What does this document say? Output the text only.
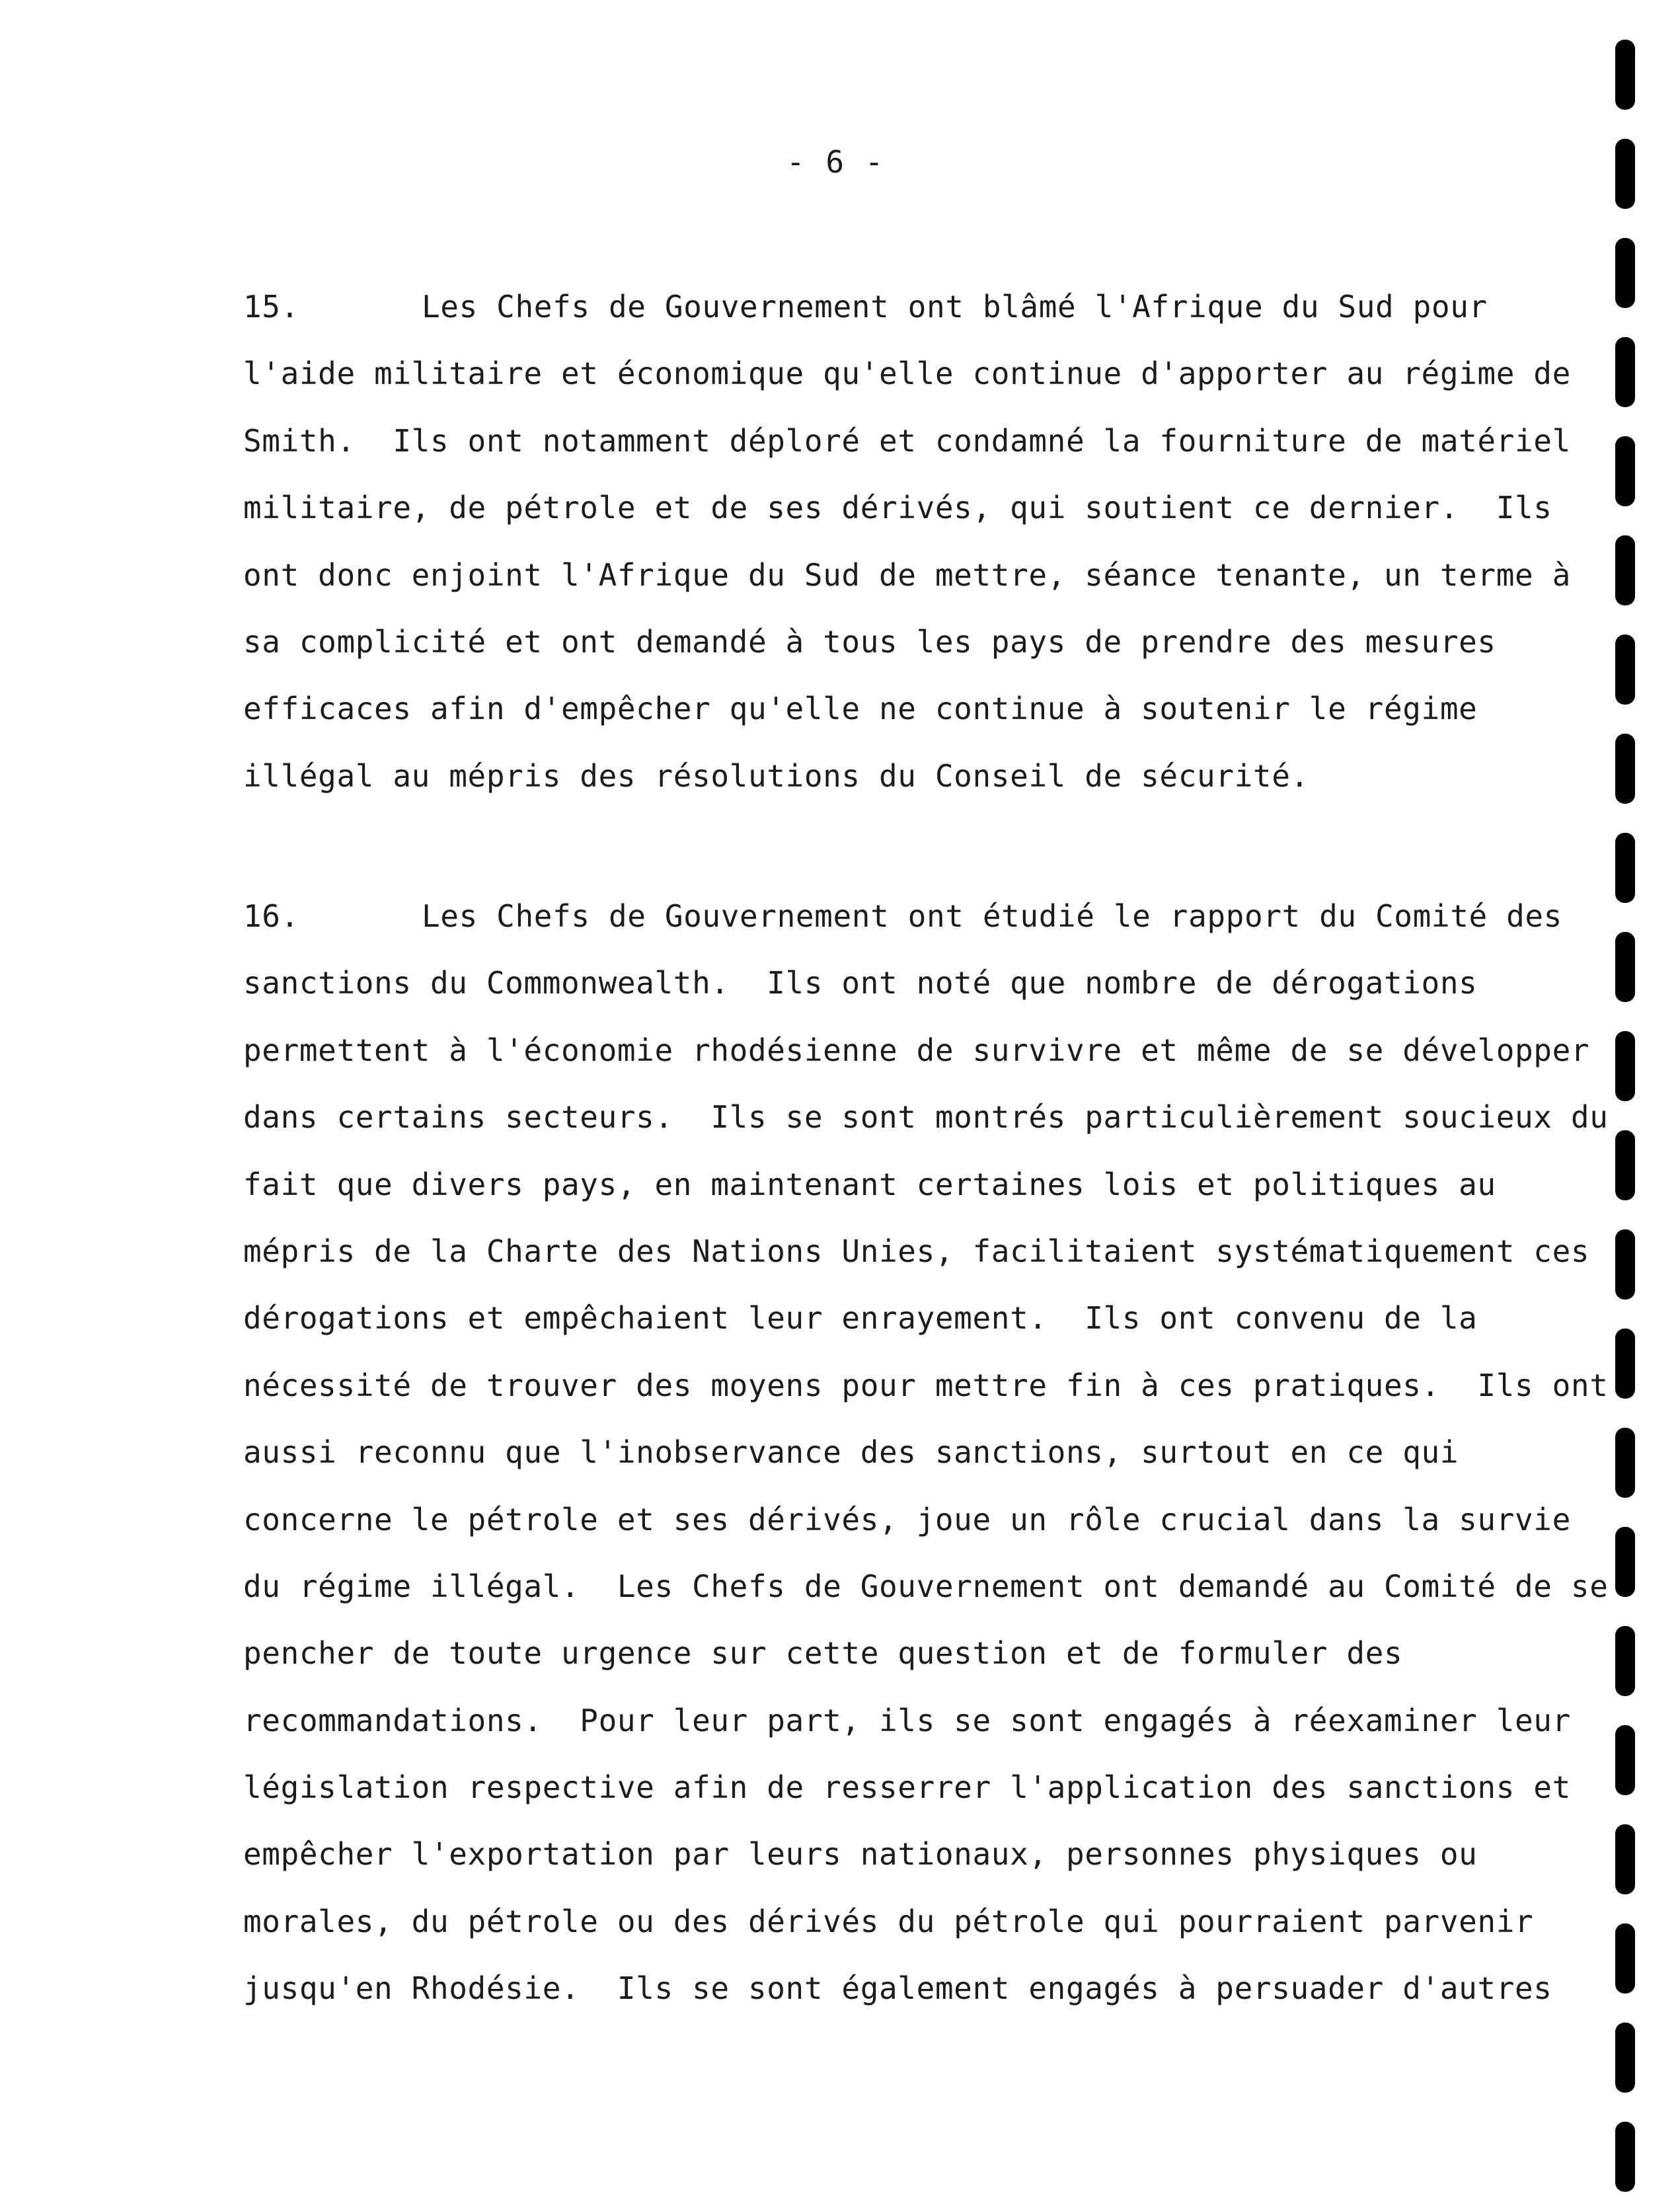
- 6 -
15.	Les Chefs de Gouvernement ont blâmé l'Afrique du Sud pour
l'aide militaire et économique qu'elle continue d'apporter au régime de
Smith.  Ils ont notamment déploré et condamné la fourniture de matériel
militaire, de pétrole et de ses dérivés, qui soutient ce dernier.  Ils
ont donc enjoint l'Afrique du Sud de mettre, séance tenante, un terme à
sa complicité et ont demandé à tous les pays de prendre des mesures
efficaces afin d'empêcher qu'elle ne continue à soutenir le régime
illégal au mépris des résolutions du Conseil de sécurité.
16.	Les Chefs de Gouvernement ont étudié le rapport du Comité des
sanctions du Commonwealth.  Ils ont noté que nombre de dérogations
permettent à l'économie rhodésienne de survivre et même de se développer
dans certains secteurs.  Ils se sont montrés particulièrement soucieux du
fait que divers pays, en maintenant certaines lois et politiques au
mépris de la Charte des Nations Unies, facilitaient systématiquement ces
dérogations et empêchaient leur enrayement.  Ils ont convenu de la
nécessité de trouver des moyens pour mettre fin à ces pratiques.  Ils ont
aussi reconnu que l'inobservance des sanctions, surtout en ce qui
concerne le pétrole et ses dérivés, joue un rôle crucial dans la survie
du régime illégal.  Les Chefs de Gouvernement ont demandé au Comité de se
pencher de toute urgence sur cette question et de formuler des
recommandations.  Pour leur part, ils se sont engagés à réexaminer leur
législation respective afin de resserrer l'application des sanctions et
empêcher l'exportation par leurs nationaux, personnes physiques ou
morales, du pétrole ou des dérivés du pétrole qui pourraient parvenir
jusqu'en Rhodésie.  Ils se sont également engagés à persuader d'autres
